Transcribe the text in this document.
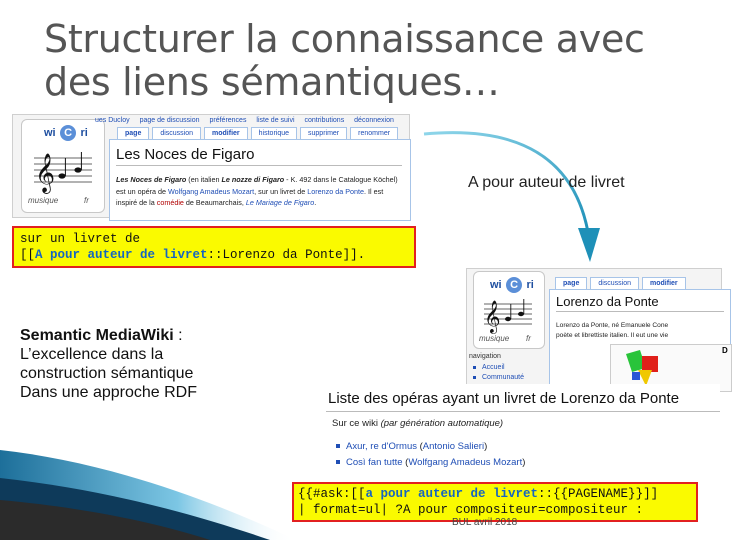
Structurer la connaissance avec des liens sémantiques…
wi C ri
𝄞
musique	fr
ues Ducloy page de discussion préférences liste de suivi contributions déconnexion
page	discussion	modifier	historique	supprimer	renommer
Les Noces de Figaro
Les Noces de Figaro (en italien Le nozze di Figaro - K. 492 dans le Catalogue Köchel) est un opéra de Wolfgang Amadeus Mozart, sur un livret de Lorenzo da Ponte. Il est inspiré de la comédie de Beaumarchais, Le Mariage de Figaro.
sur un livret de
[[A pour auteur de livret::Lorenzo da Ponte]].
A pour auteur de livret
wi C ri
𝄞
musique fr
navigation
Accueil
Communauté
page	discussion	modifier
Lorenzo da Ponte
Lorenzo da Ponte, né Emanuele Cone
poète et librettiste italien. Il eut une vie
D
Liste des opéras ayant un livret de Lorenzo da Ponte
Sur ce wiki (par génération automatique)
Axur, re d'Ormus (Antonio Salieri)
Così fan tutte (Wolfgang Amadeus Mozart)
{{#ask:[[a pour auteur de livret::{{PAGENAME}}]]
| format=ul| ?A pour compositeur=compositeur :
Semantic MediaWiki :
L’excellence dans la
construction sémantique
Dans une approche RDF
BUL avril 2018
